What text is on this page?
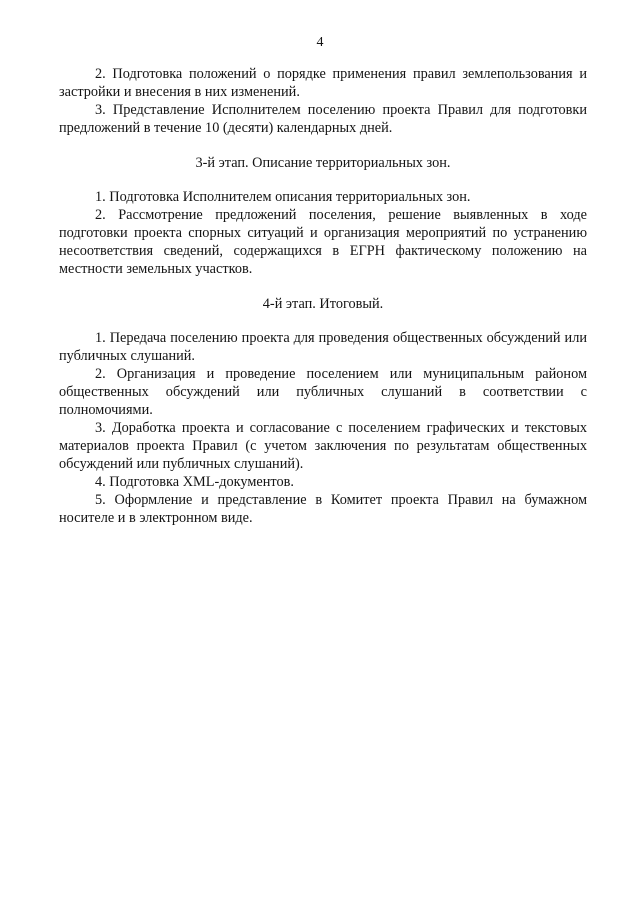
4

2. Подготовка положений о порядке применения правил землепользования и застройки и внесения в них изменений.

3. Представление Исполнителем поселению проекта Правил для подготовки предложений в течение 10 (десяти) календарных дней.

3-й этап. Описание территориальных зон.

1. Подготовка Исполнителем описания территориальных зон.

2. Рассмотрение предложений поселения, решение выявленных в ходе подготовки проекта спорных ситуаций и организация мероприятий по устранению несоответствия сведений, содержащихся в ЕГРН фактическому положению на местности земельных участков.

4-й этап. Итоговый.

1. Передача поселению проекта для проведения общественных обсуждений или публичных слушаний.

2. Организация и проведение поселением или муниципальным районом общественных обсуждений или публичных слушаний в соответствии с полномочиями.

3. Доработка проекта и согласование с поселением графических и текстовых материалов проекта Правил (с учетом заключения по результатам общественных обсуждений или публичных слушаний).

4. Подготовка XML-документов.

5. Оформление и представление в Комитет проекта Правил на бумажном носителе и в электронном виде.
